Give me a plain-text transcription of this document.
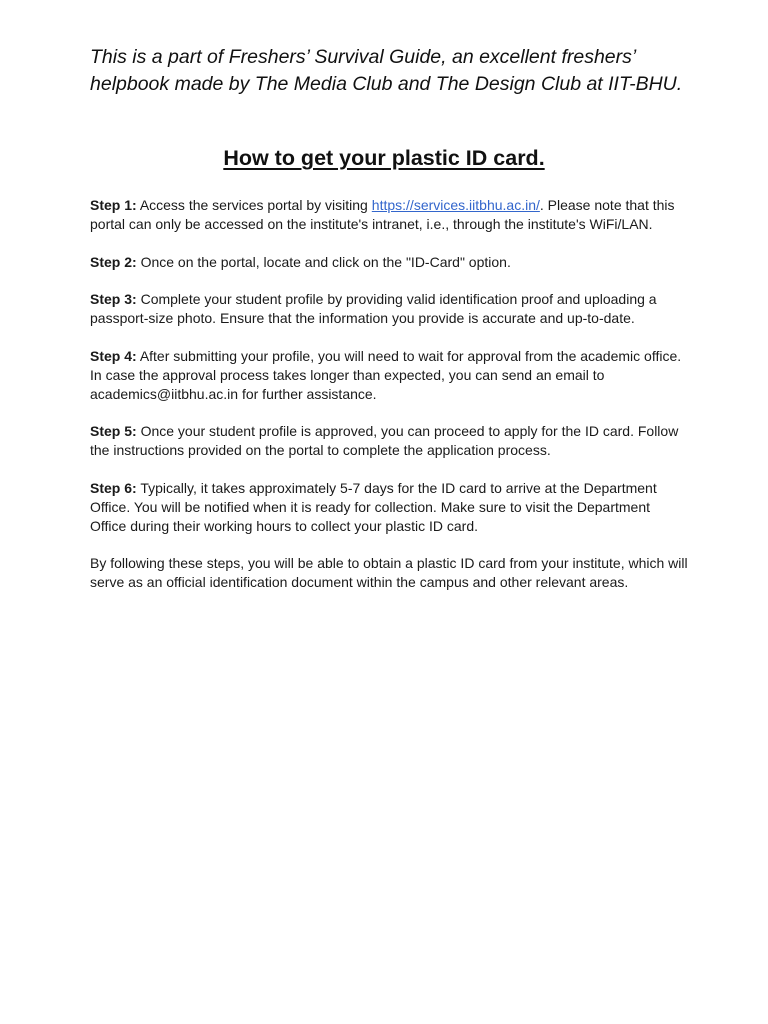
This is a part of Freshers’ Survival Guide, an excellent freshers’ helpbook made by The Media Club and The Design Club at IIT-BHU.
How to get your plastic ID card.

Step 1: Access the services portal by visiting https://services.iitbhu.ac.in/. Please note that this portal can only be accessed on the institute's intranet, i.e., through the institute's WiFi/LAN.

Step 2: Once on the portal, locate and click on the "ID-Card" option.

Step 3: Complete your student profile by providing valid identification proof and uploading a passport-size photo. Ensure that the information you provide is accurate and up-to-date.

Step 4: After submitting your profile, you will need to wait for approval from the academic office. In case the approval process takes longer than expected, you can send an email to academics@iitbhu.ac.in for further assistance.

Step 5: Once your student profile is approved, you can proceed to apply for the ID card. Follow the instructions provided on the portal to complete the application process.

Step 6: Typically, it takes approximately 5-7 days for the ID card to arrive at the Department Office. You will be notified when it is ready for collection. Make sure to visit the Department Office during their working hours to collect your plastic ID card.

By following these steps, you will be able to obtain a plastic ID card from your institute, which will serve as an official identification document within the campus and other relevant areas.
